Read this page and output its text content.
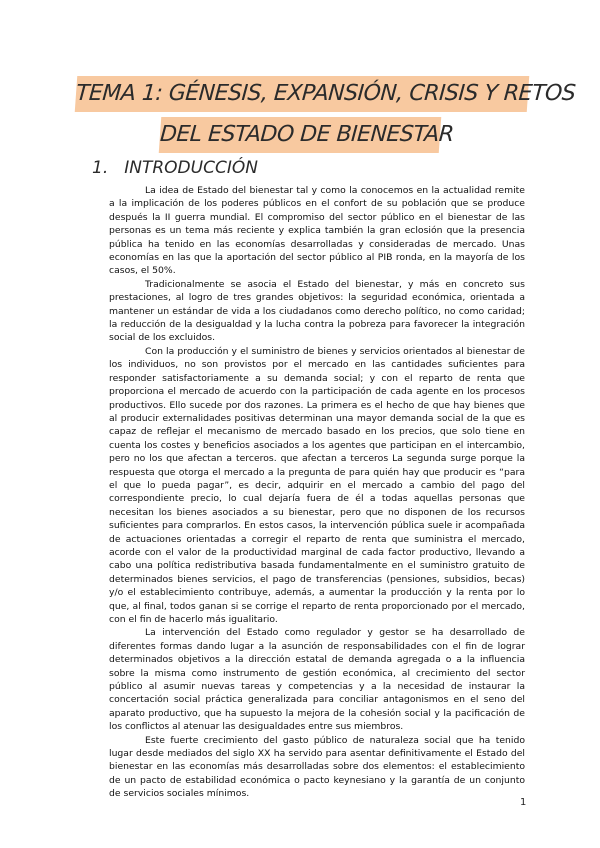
TEMA 1: GÉNESIS, EXPANSIÓN, CRISIS Y RETOS
DEL ESTADO DE BIENESTAR
1. INTRODUCCIÓN

La idea de Estado del bienestar tal y como la conocemos en la actualidad remite a la implicación de los poderes públicos en el confort de su población que se produce después la II guerra mundial. El compromiso del sector público en el bienestar de las personas es un tema más reciente y explica también la gran eclosión que la presencia pública ha tenido en las economías desarrolladas y consideradas de mercado. Unas economías en las que la aportación del sector público al PIB ronda, en la mayoría de los casos, el 50%.

Tradicionalmente se asocia el Estado del bienestar, y más en concreto sus prestaciones, al logro de tres grandes objetivos: la seguridad económica, orientada a mantener un estándar de vida a los ciudadanos como derecho político, no como caridad; la reducción de la desigualdad y la lucha contra la pobreza para favorecer la integración social de los excluidos.

Con la producción y el suministro de bienes y servicios orientados al bienestar de los individuos, no son provistos por el mercado en las cantidades suficientes para responder satisfactoriamente a su demanda social; y con el reparto de renta que proporciona el mercado de acuerdo con la participación de cada agente en los procesos productivos. Ello sucede por dos razones. La primera es el hecho de que hay bienes que al producir externalidades positivas determinan una mayor demanda social de la que es capaz de reflejar el mecanismo de mercado basado en los precios, que solo tiene en cuenta los costes y beneficios asociados a los agentes que participan en el intercambio, pero no los que afectan a terceros. que afectan a terceros La segunda surge porque la respuesta que otorga el mercado a la pregunta de para quién hay que producir es “para el que lo pueda pagar”, es decir, adquirir en el mercado a cambio del pago del correspondiente precio, lo cual dejaría fuera de él a todas aquellas personas que necesitan los bienes asociados a su bienestar, pero que no disponen de los recursos suficientes para comprarlos. En estos casos, la intervención pública suele ir acompañada de actuaciones orientadas a corregir el reparto de renta que suministra el mercado, acorde con el valor de la productividad marginal de cada factor productivo, llevando a cabo una política redistributiva basada fundamentalmente en el suministro gratuito de determinados bienes servicios, el pago de transferencias (pensiones, subsidios, becas) y/o el establecimiento contribuye, además, a aumentar la producción y la renta por lo que, al final, todos ganan si se corrige el reparto de renta proporcionado por el mercado, con el fin de hacerlo más igualitario.

La intervención del Estado como regulador y gestor se ha desarrollado de diferentes formas dando lugar a la asunción de responsabilidades con el fin de lograr determinados objetivos a la dirección estatal de demanda agregada o a la influencia sobre la misma como instrumento de gestión económica, al crecimiento del sector público al asumir nuevas tareas y competencias y a la necesidad de instaurar la concertación social práctica generalizada para conciliar antagonismos en el seno del aparato productivo, que ha supuesto la mejora de la cohesión social y la pacificación de los conflictos al atenuar las desigualdades entre sus miembros.

Este fuerte crecimiento del gasto público de naturaleza social que ha tenido lugar desde mediados del siglo XX ha servido para asentar definitivamente el Estado del bienestar en las economías más desarrolladas sobre dos elementos: el establecimiento de un pacto de estabilidad económica o pacto keynesiano y la garantía de un conjunto de servicios sociales mínimos.

1
